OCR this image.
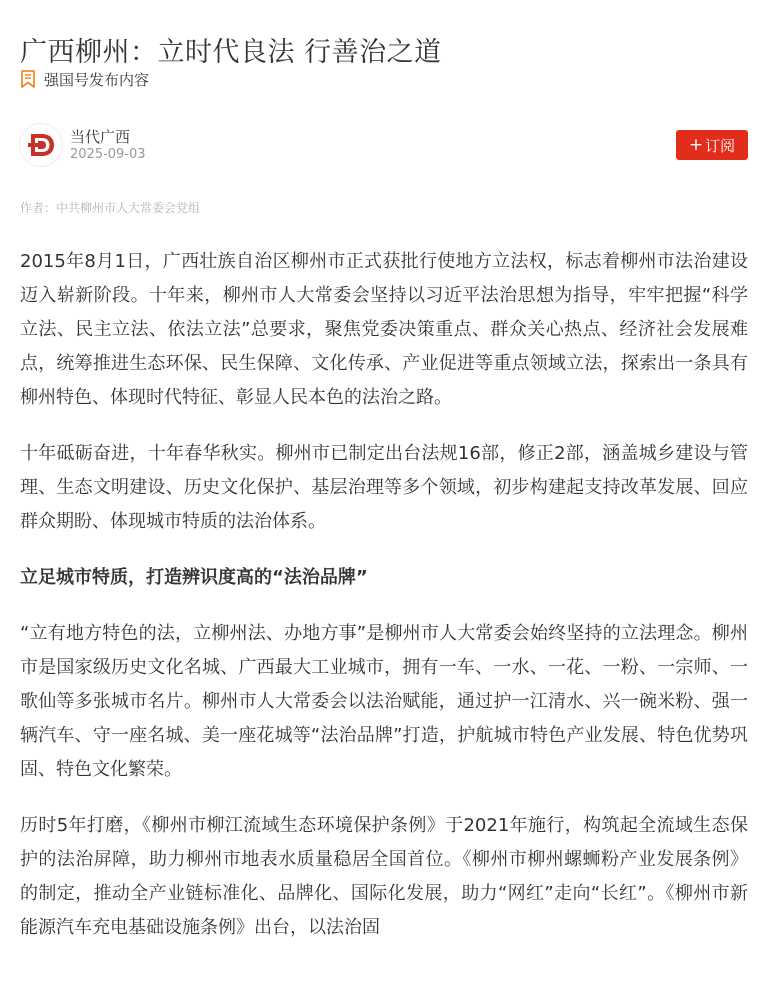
广西柳州：立时代良法 行善治之道
强国号发布内容
当代广西
2025-09-03	+ 订阅
作者：中共柳州市人大常委会党组

2015年8月1日，广西壮族自治区柳州市正式获批行使地方立法权，标志着柳州市法治建设迈入崭新阶段。十年来，柳州市人大常委会坚持以习近平法治思想为指导，牢牢把握“科学立法、民主立法、依法立法”总要求，聚焦党委决策重点、群众关心热点、经济社会发展难点，统筹推进生态环保、民生保障、文化传承、产业促进等重点领域立法，探索出一条具有柳州特色、体现时代特征、彰显人民本色的法治之路。

十年砥砺奋进，十年春华秋实。柳州市已制定出台法规16部，修正2部，涵盖城乡建设与管理、生态文明建设、历史文化保护、基层治理等多个领域，初步构建起支持改革发展、回应群众期盼、体现城市特质的法治体系。

立足城市特质，打造辨识度高的“法治品牌”

“立有地方特色的法，立柳州法、办地方事”是柳州市人大常委会始终坚持的立法理念。柳州市是国家级历史文化名城、广西最大工业城市，拥有一车、一水、一花、一粉、一宗师、一歌仙等多张城市名片。柳州市人大常委会以法治赋能，通过护一江清水、兴一碗米粉、强一辆汽车、守一座名城、美一座花城等“法治品牌”打造，护航城市特色产业发展、特色优势巩固、特色文化繁荣。

历时5年打磨，《柳州市柳江流域生态环境保护条例》于2021年施行，构筑起全流域生态保护的法治屏障，助力柳州市地表水质量稳居全国首位。《柳州市柳州螺蛳粉产业发展条例》的制定，推动全产业链标准化、品牌化、国际化发展，助力“网红”走向“长红”。《柳州市新能源汽车充电基础设施条例》出台，以法治固
